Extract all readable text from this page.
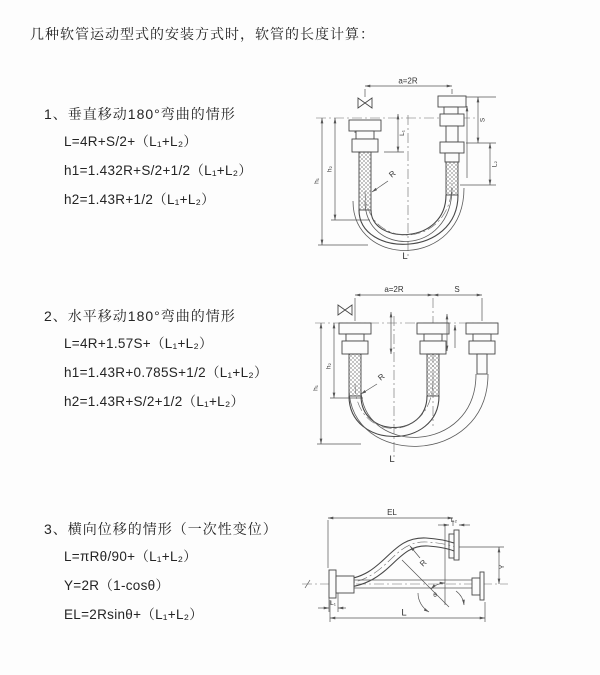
几种软管运动型式的安装方式时，软管的长度计算：
1、垂直移动180°弯曲的情形
L=4R+S/2+（L₁+L₂）
h1=1.432R+S/2+1/2（L₁+L₂）
h2=1.43R+1/2（L₁+L₂）
2、水平移动180°弯曲的情形
L=4R+1.57S+（L₁+L₂）
h1=1.43R+0.785S+1/2（L₁+L₂）
h2=1.43R+S/2+1/2（L₁+L₂）
3、横向位移的情形（一次性变位）
L=πRθ/90+（L₁+L₂）
Y=2R（1-cosθ）
EL=2Rsinθ+（L₁+L₂）
a=2R
L₁
S
L₂
h₁
h₂	R
L
a=2R	S
h₁
h₂
R
L
EL
L₂
Y
θ
R
L₁
L
